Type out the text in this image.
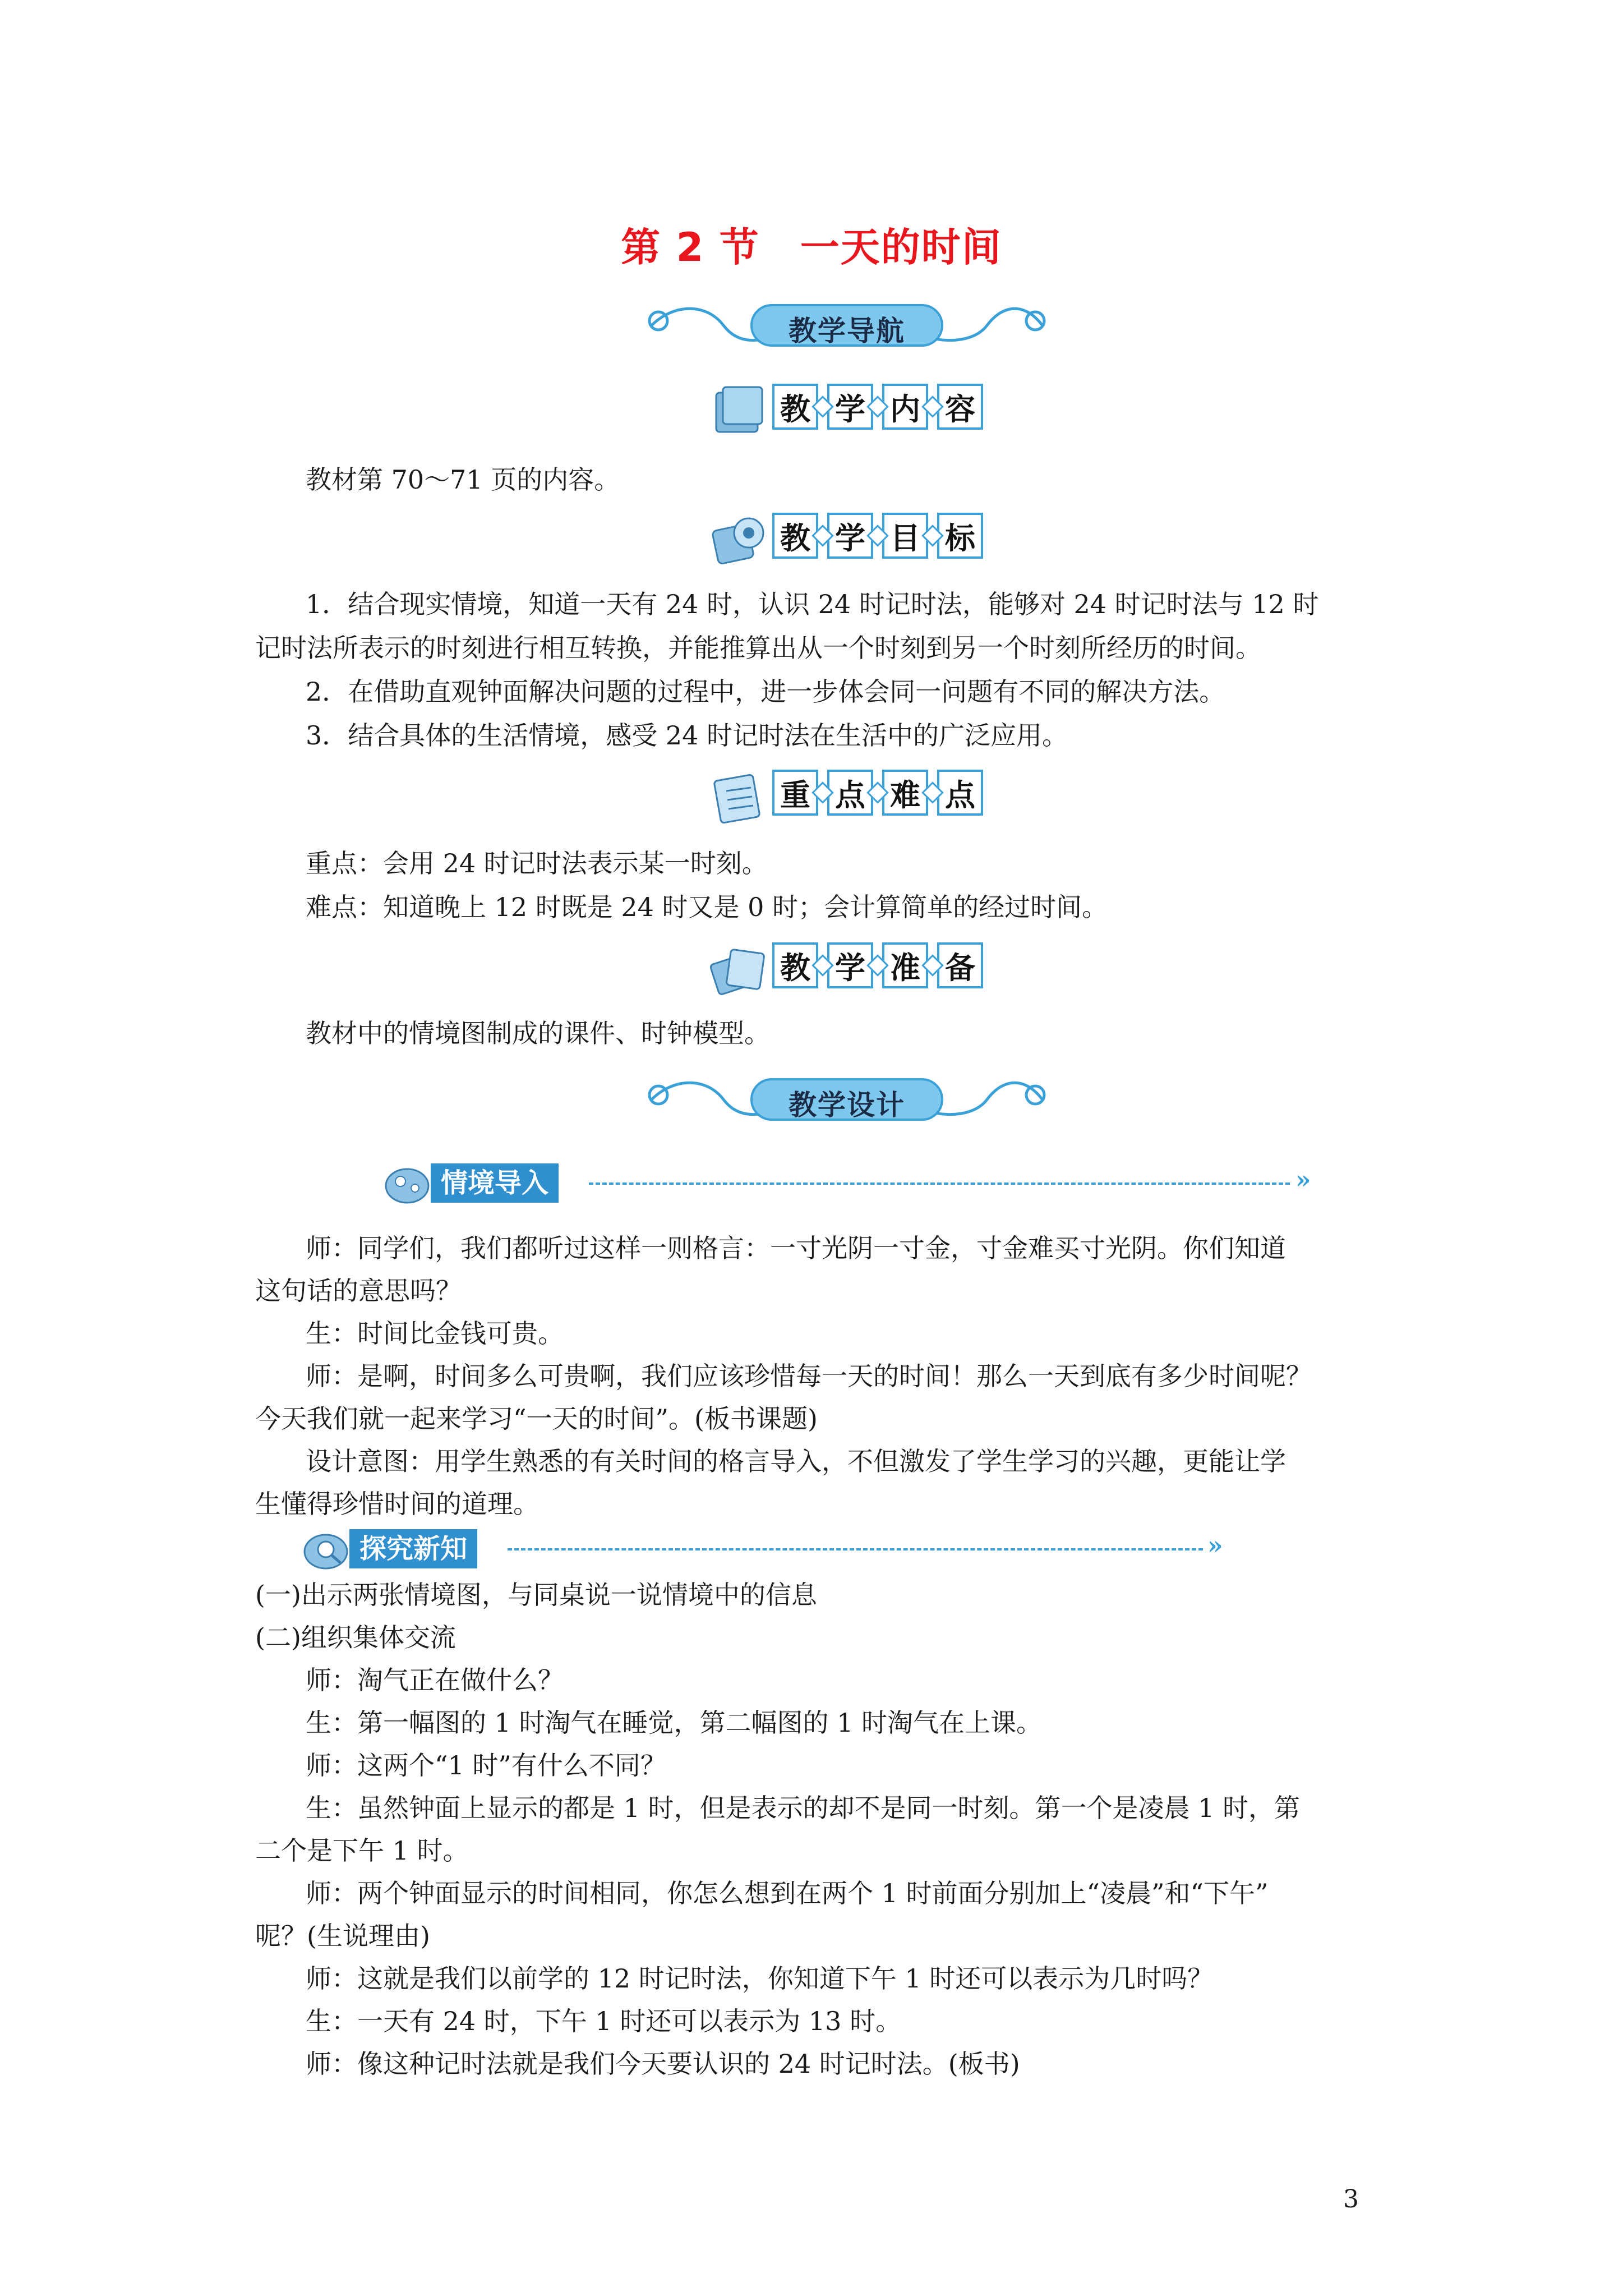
第 2 节　一天的时间
教学导航
教 学 内 容
教材第 70～71 页的内容。
教 学 目 标
1．结合现实情境，知道一天有 24 时，认识 24 时记时法，能够对 24 时记时法与 12 时
记时法所表示的时刻进行相互转换，并能推算出从一个时刻到另一个时刻所经历的时间。
2．在借助直观钟面解决问题的过程中，进一步体会同一问题有不同的解决方法。
3．结合具体的生活情境，感受 24 时记时法在生活中的广泛应用。
重 点 难 点
重点：会用 24 时记时法表示某一时刻。
难点：知道晚上 12 时既是 24 时又是 0 时；会计算简单的经过时间。
教 学 准 备
教材中的情境图制成的课件、时钟模型。
教学设计
情境导入	»
师：同学们，我们都听过这样一则格言：一寸光阴一寸金，寸金难买寸光阴。你们知道
这句话的意思吗？
生：时间比金钱可贵。
师：是啊，时间多么可贵啊，我们应该珍惜每一天的时间！那么一天到底有多少时间呢？
今天我们就一起来学习“一天的时间”。(板书课题)
设计意图：用学生熟悉的有关时间的格言导入，不但激发了学生学习的兴趣，更能让学
生懂得珍惜时间的道理。
探究新知	»
(一)出示两张情境图，与同桌说一说情境中的信息
(二)组织集体交流
师：淘气正在做什么？
生：第一幅图的 1 时淘气在睡觉，第二幅图的 1 时淘气在上课。
师：这两个“1 时”有什么不同？
生：虽然钟面上显示的都是 1 时，但是表示的却不是同一时刻。第一个是凌晨 1 时，第
二个是下午 1 时。
师：两个钟面显示的时间相同，你怎么想到在两个 1 时前面分别加上“凌晨”和“下午”
呢？(生说理由)
师：这就是我们以前学的 12 时记时法，你知道下午 1 时还可以表示为几时吗？
生：一天有 24 时，下午 1 时还可以表示为 13 时。
师：像这种记时法就是我们今天要认识的 24 时记时法。(板书)
3
